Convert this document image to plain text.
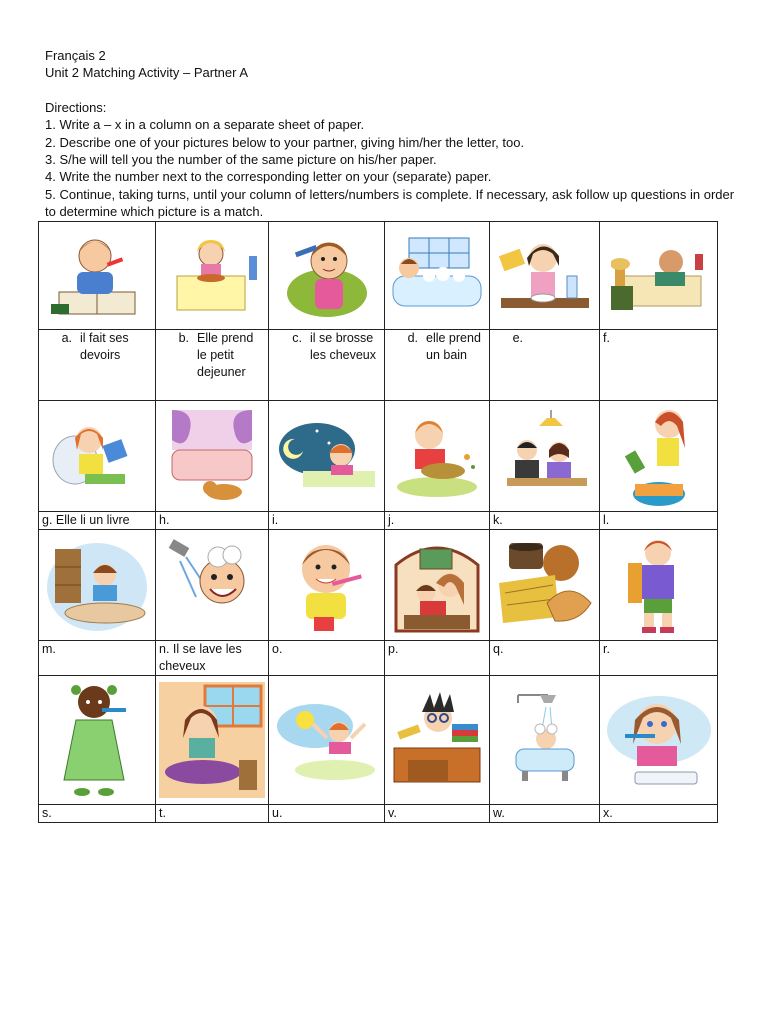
Français 2
Unit 2 Matching Activity – Partner A
Directions:
1. Write a – x in a column on a separate sheet of paper.
2. Describe one of your pictures below to your partner, giving him/her the letter, too.
3. S/he will tell you the number of the same picture on his/her paper.
4. Write the number next to the corresponding letter on your (separate) paper.
5. Continue, taking turns, until your column of letters/numbers is complete. If necessary, ask follow up questions in order to determine which picture is a match.

a. il fait ses devoirs	b. Elle prend le petit dejeuner	c. il se brosse les cheveux	d. elle prend un bain	e.	f.

g. Elle li un livre	h.	i.	j.	k.	l.

m.	n. Il se lave les cheveux	o.	p.	q.	r.

s.	t.	u.	v.	w.	x.
